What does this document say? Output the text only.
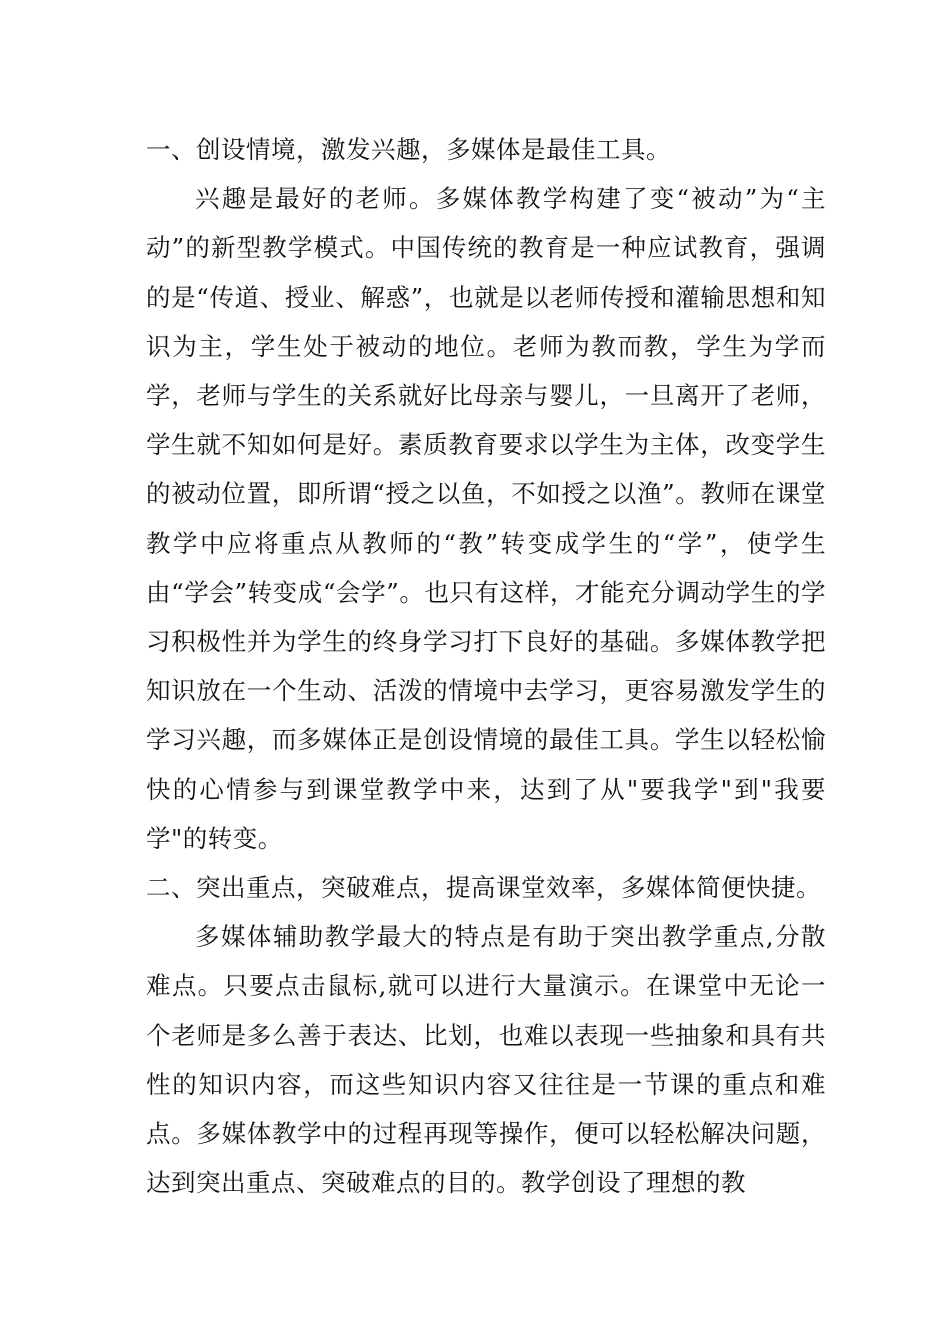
一、创设情境，激发兴趣，多媒体是最佳工具。

兴趣是最好的老师。多媒体教学构建了变“被动”为“主动”的新型教学模式。中国传统的教育是一种应试教育，强调的是“传道、授业、解惑”，也就是以老师传授和灌输思想和知识为主，学生处于被动的地位。老师为教而教，学生为学而学，老师与学生的关系就好比母亲与婴儿，一旦离开了老师，学生就不知如何是好。素质教育要求以学生为主体，改变学生的被动位置，即所谓“授之以鱼，不如授之以渔”。教师在课堂教学中应将重点从教师的“教”转变成学生的“学”，使学生由“学会”转变成“会学”。也只有这样，才能充分调动学生的学习积极性并为学生的终身学习打下良好的基础。多媒体教学把知识放在一个生动、活泼的情境中去学习，更容易激发学生的学习兴趣，而多媒体正是创设情境的最佳工具。学生以轻松愉快的心情参与到课堂教学中来，达到了从"要我学"到"我要学"的转变。

二、突出重点，突破难点，提高课堂效率，多媒体简便快捷。

多媒体辅助教学最大的特点是有助于突出教学重点,分散难点。只要点击鼠标,就可以进行大量演示。在课堂中无论一个老师是多么善于表达、比划，也难以表现一些抽象和具有共性的知识内容，而这些知识内容又往往是一节课的重点和难点。多媒体教学中的过程再现等操作，便可以轻松解决问题，达到突出重点、突破难点的目的。教学创设了理想的教
